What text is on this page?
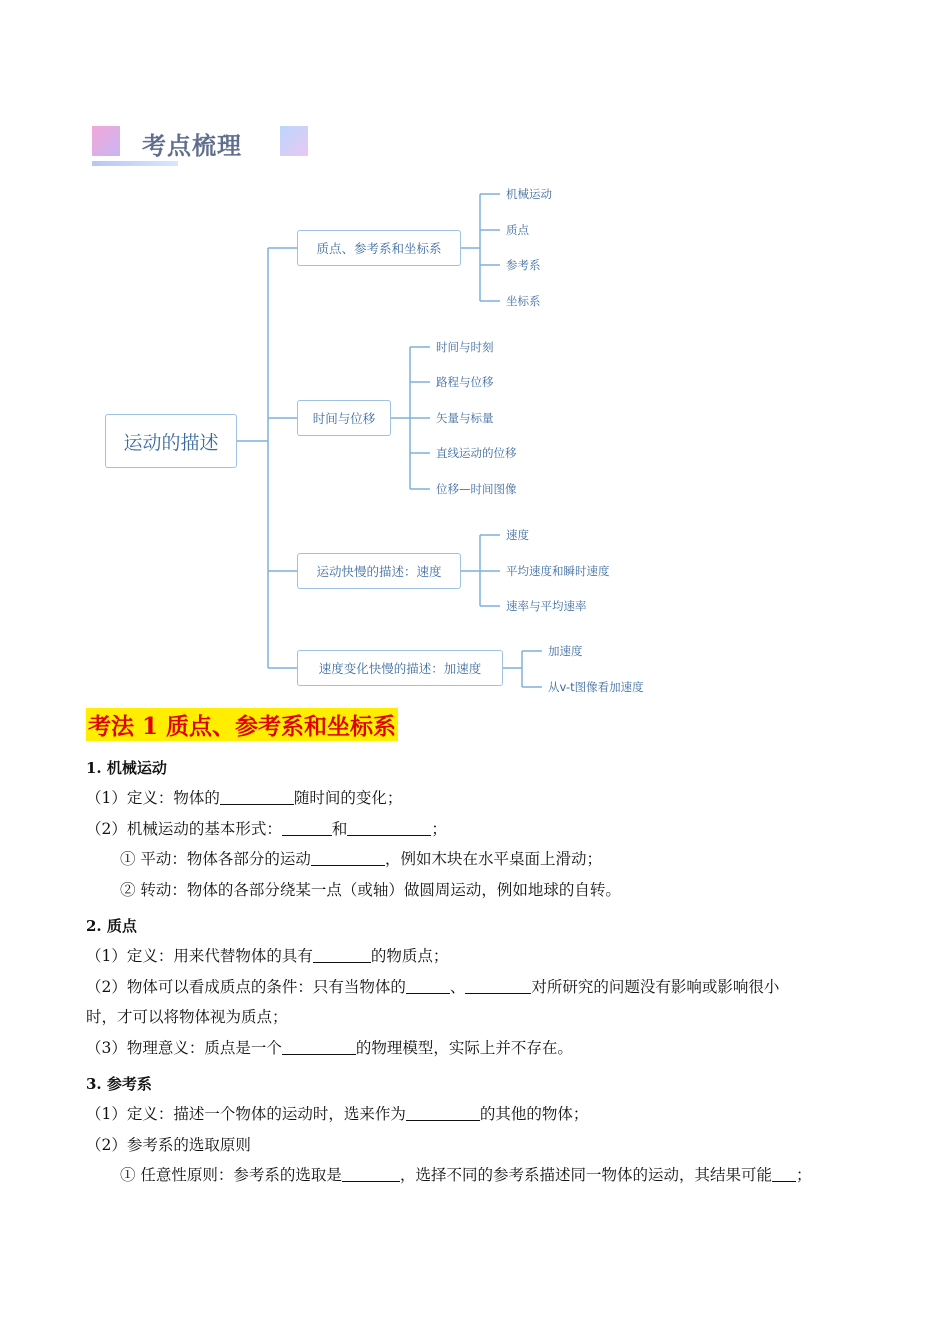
考点梳理
运动的描述
质点、参考系和坐标系
时间与位移
运动快慢的描述：速度
速度变化快慢的描述：加速度
机械运动
质点
参考系
坐标系
时间与时刻
路程与位移
矢量与标量
直线运动的位移
位移—时间图像
速度
平均速度和瞬时速度
速率与平均速率
加速度
从v-t图像看加速度
考法 1 质点、参考系和坐标系
1. 机械运动
（1）定义：物体的	随时间的变化；
（2）机械运动的基本形式：	和	；
① 平动：物体各部分的运动	，例如木块在水平桌面上滑动；
② 转动：物体的各部分绕某一点（或轴）做圆周运动，例如地球的自转。
2. 质点
（1）定义：用来代替物体的具有	的物质点；
（2）物体可以看成质点的条件：只有当物体的	、	对所研究的问题没有影响或影响很小
时，才可以将物体视为质点；
（3）物理意义：质点是一个	的物理模型，实际上并不存在。
3. 参考系
（1）定义：描述一个物体的运动时，选来作为	的其他的物体；
（2）参考系的选取原则
① 任意性原则：参考系的选取是	，选择不同的参考系描述同一物体的运动，其结果可能 ；
